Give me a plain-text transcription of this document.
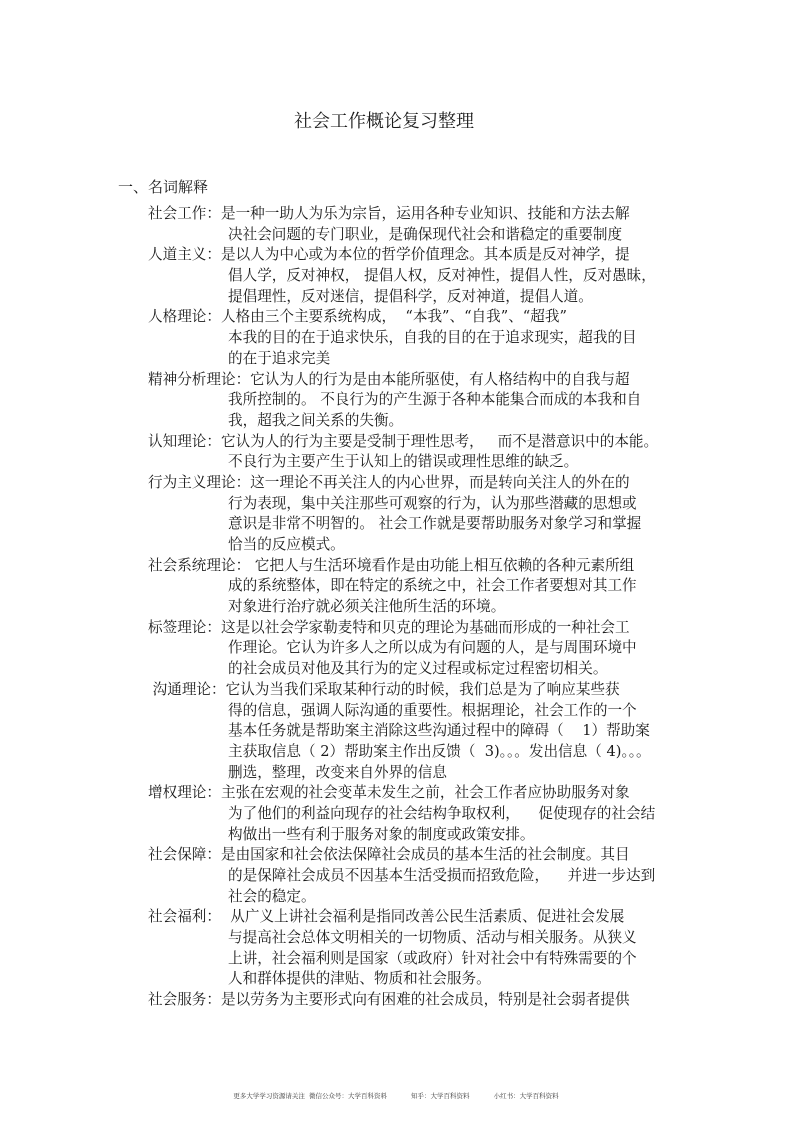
社会工作概论复习整理
一、名词解释
社会工作：是一种一助人为乐为宗旨，运用各种专业知识、技能和方法去解
决社会问题的专门职业，是确保现代社会和谐稳定的重要制度
人道主义：是以人为中心或为本位的哲学价值理念。其本质是反对神学，提
倡人学，反对神权， 提倡人权，反对神性，提倡人性，反对愚昧，
提倡理性，反对迷信，提倡科学，反对神道，提倡人道。
人格理论：人格由三个主要系统构成，  “本我”、“自我”、“超我”
本我的目的在于追求快乐，自我的目的在于追求现实，超我的目
的在于追求完美
精神分析理论：它认为人的行为是由本能所驱使，有人格结构中的自我与超
我所控制的。 不良行为的产生源于各种本能集合而成的本我和自
我，超我之间关系的失衡。
认知理论：它认为人的行为主要是受制于理性思考，   而不是潜意识中的本能。
不良行为主要产生于认知上的错误或理性思维的缺乏。
行为主义理论：这一理论不再关注人的内心世界，而是转向关注人的外在的
行为表现，集中关注那些可观察的行为，认为那些潜藏的思想或
意识是非常不明智的。 社会工作就是要帮助服务对象学习和掌握
恰当的反应模式。
社会系统理论： 它把人与生活环境看作是由功能上相互依赖的各种元素所组
成的系统整体，即在特定的系统之中，社会工作者要想对其工作
对象进行治疗就必须关注他所生活的环境。
标签理论：这是以社会学家勒麦特和贝克的理论为基础而形成的一种社会工
作理论。它认为许多人之所以成为有问题的人，是与周围环境中
的社会成员对他及其行为的定义过程或标定过程密切相关。
沟通理论：它认为当我们采取某种行动的时候，我们总是为了响应某些获
得的信息，强调人际沟通的重要性。根据理论，社会工作的一个
基本任务就是帮助案主消除这些沟通过程中的障碍（    1）帮助案
主获取信息（ 2）帮助案主作出反馈（  3)。。。发出信息（ 4)。。。
删选，整理，改变来自外界的信息
增权理论：主张在宏观的社会变革未发生之前，社会工作者应协助服务对象
为了他们的利益向现存的社会结构争取权利，    促使现存的社会结
构做出一些有利于服务对象的制度或政策安排。
社会保障：是由国家和社会依法保障社会成员的基本生活的社会制度。其目
的是保障社会成员不因基本生活受损而招致危险，    并进一步达到
社会的稳定。
社会福利：  从广义上讲社会福利是指同改善公民生活素质、促进社会发展
与提高社会总体文明相关的一切物质、活动与相关服务。从狭义
上讲，社会福利则是国家（或政府）针对社会中有特殊需要的个
人和群体提供的津贴、物质和社会服务。
社会服务：是以劳务为主要形式向有困难的社会成员，特别是社会弱者提供
更多大学学习资源请关注 微信公众号：大学百科资料	知乎：大学百科资料	小红书：大学百科资料
